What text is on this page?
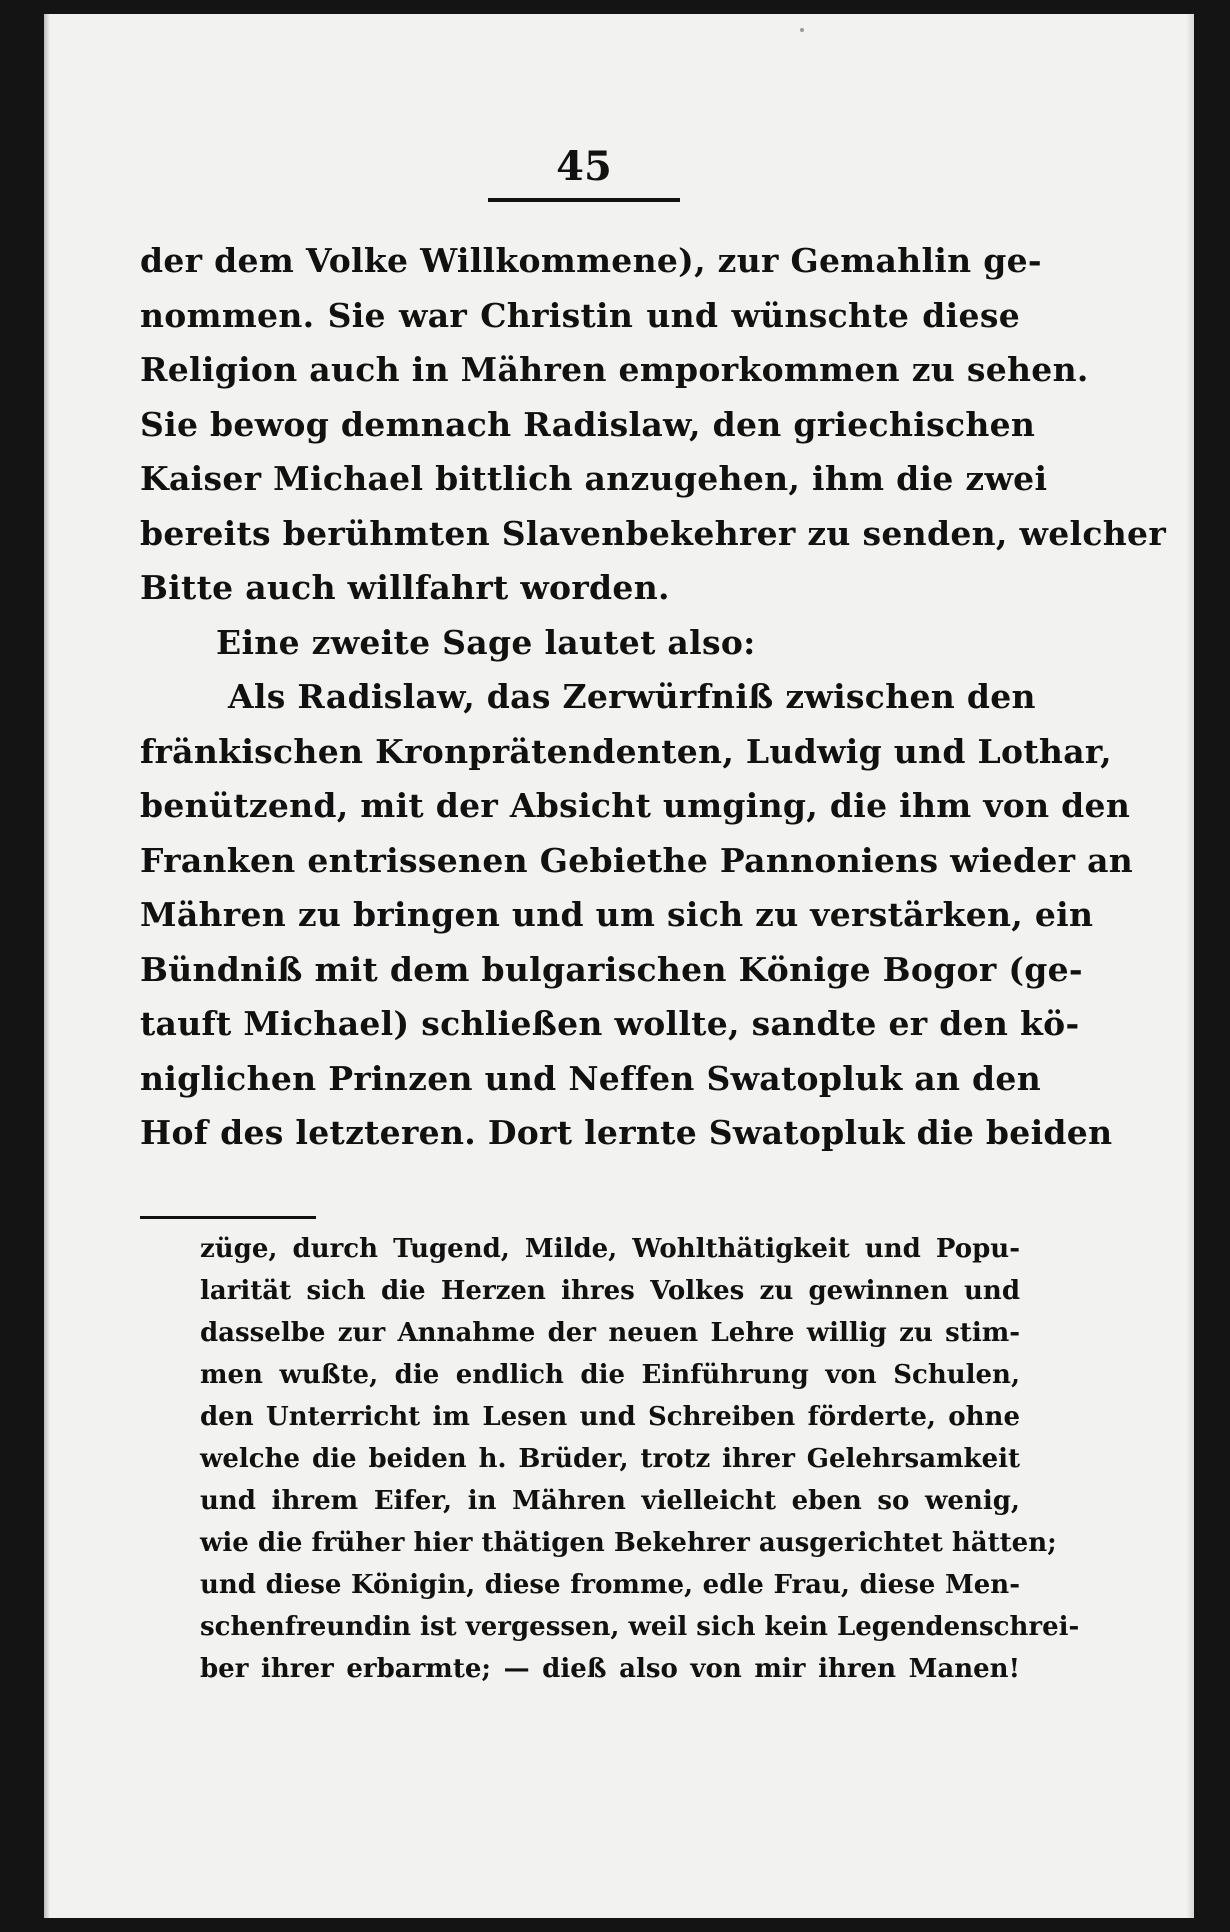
45
der dem Volke Willkommene), zur Gemahlin ge-
nommen. Sie war Christin und wünschte diese
Religion auch in Mähren emporkommen zu sehen.
Sie bewog demnach Radislaw, den griechischen
Kaiser Michael bittlich anzugehen, ihm die zwei
bereits berühmten Slavenbekehrer zu senden, welcher
Bitte auch willfahrt worden.
Eine zweite Sage lautet also:
Als Radislaw, das Zerwürfniß zwischen den
fränkischen Kronprätendenten, Ludwig und Lothar,
benützend, mit der Absicht umging, die ihm von den
Franken entrissenen Gebiethe Pannoniens wieder an
Mähren zu bringen und um sich zu verstärken, ein
Bündniß mit dem bulgarischen Könige Bogor (ge-
tauft Michael) schließen wollte, sandte er den kö-
niglichen Prinzen und Neffen Swatopluk an den
Hof des letzteren. Dort lernte Swatopluk die beiden
züge, durch Tugend, Milde, Wohlthätigkeit und Popu-
larität sich die Herzen ihres Volkes zu gewinnen und
dasselbe zur Annahme der neuen Lehre willig zu stim-
men wußte, die endlich die Einführung von Schulen,
den Unterricht im Lesen und Schreiben förderte, ohne
welche die beiden h. Brüder, trotz ihrer Gelehrsamkeit
und ihrem Eifer, in Mähren vielleicht eben so wenig,
wie die früher hier thätigen Bekehrer ausgerichtet hätten;
und diese Königin, diese fromme, edle Frau, diese Men-
schenfreundin ist vergessen, weil sich kein Legendenschrei-
ber ihrer erbarmte; — dieß also von mir ihren Manen!
